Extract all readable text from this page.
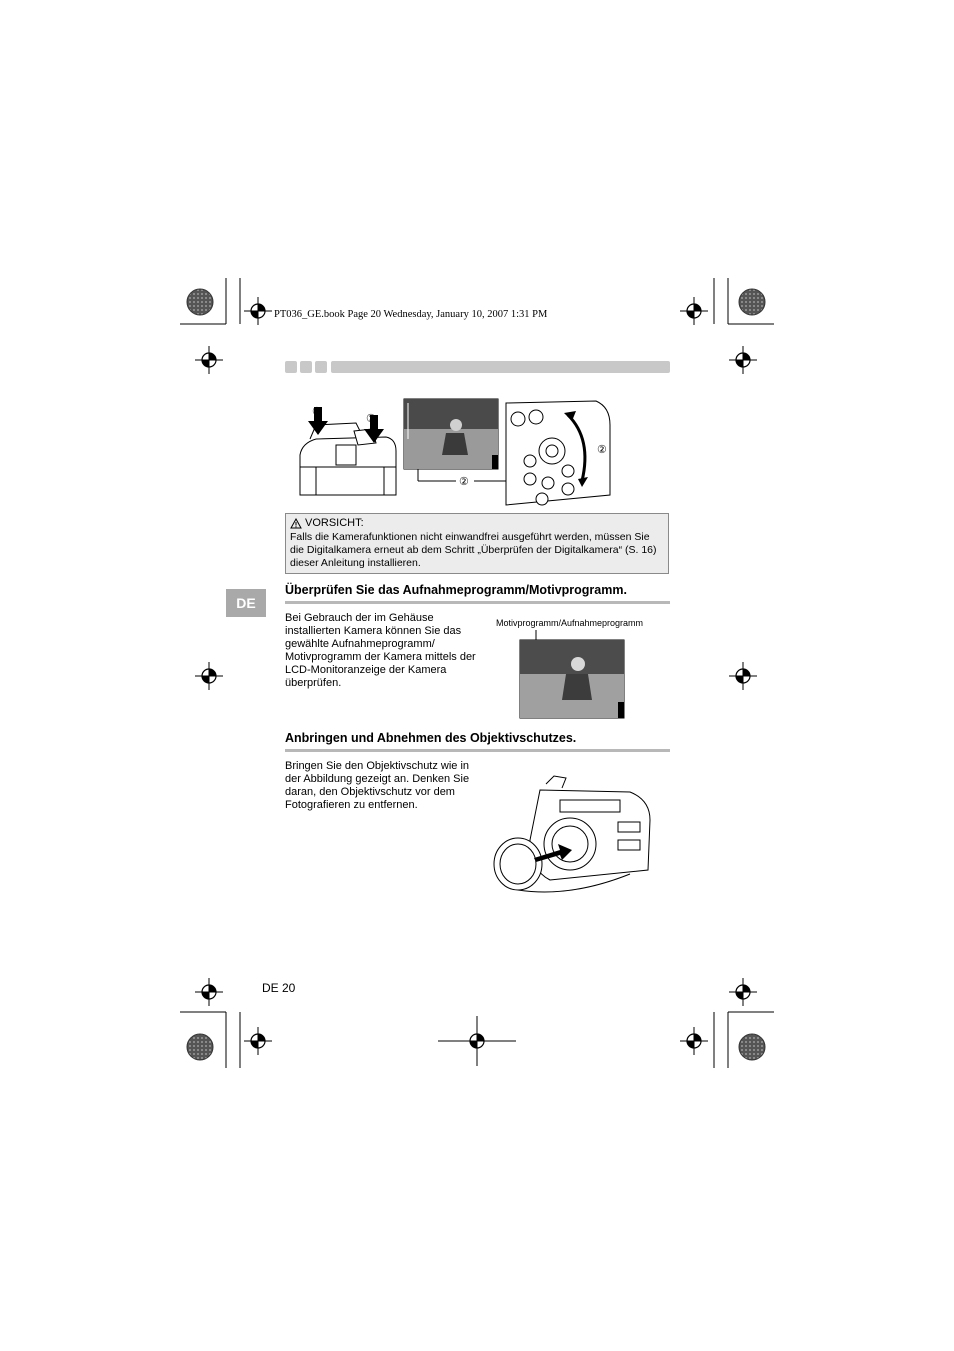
PT036_GE.book Page 20 Wednesday, January 10, 2007 1:31 PM
③
①
②
②
VORSICHT:
Falls die Kamerafunktionen nicht einwandfrei ausgeführt werden, müssen Sie die Digitalkamera erneut ab dem Schritt „Überprüfen der Digitalkamera“ (S. 16) dieser Anleitung installieren.
DE
Überprüfen Sie das Aufnahmeprogramm/Motivprogramm.
Bei Gebrauch der im Gehäuse installierten Kamera können Sie das gewählte Aufnahmeprogramm/ Motivprogramm der Kamera mittels der LCD-Monitoranzeige der Kamera überprüfen.
Motivprogramm/Aufnahmeprogramm
Anbringen und Abnehmen des Objektivschutzes.
Bringen Sie den Objektivschutz wie in der Abbildung gezeigt an. Denken Sie daran, den Objektivschutz vor dem Fotografieren zu entfernen.
DE 20
